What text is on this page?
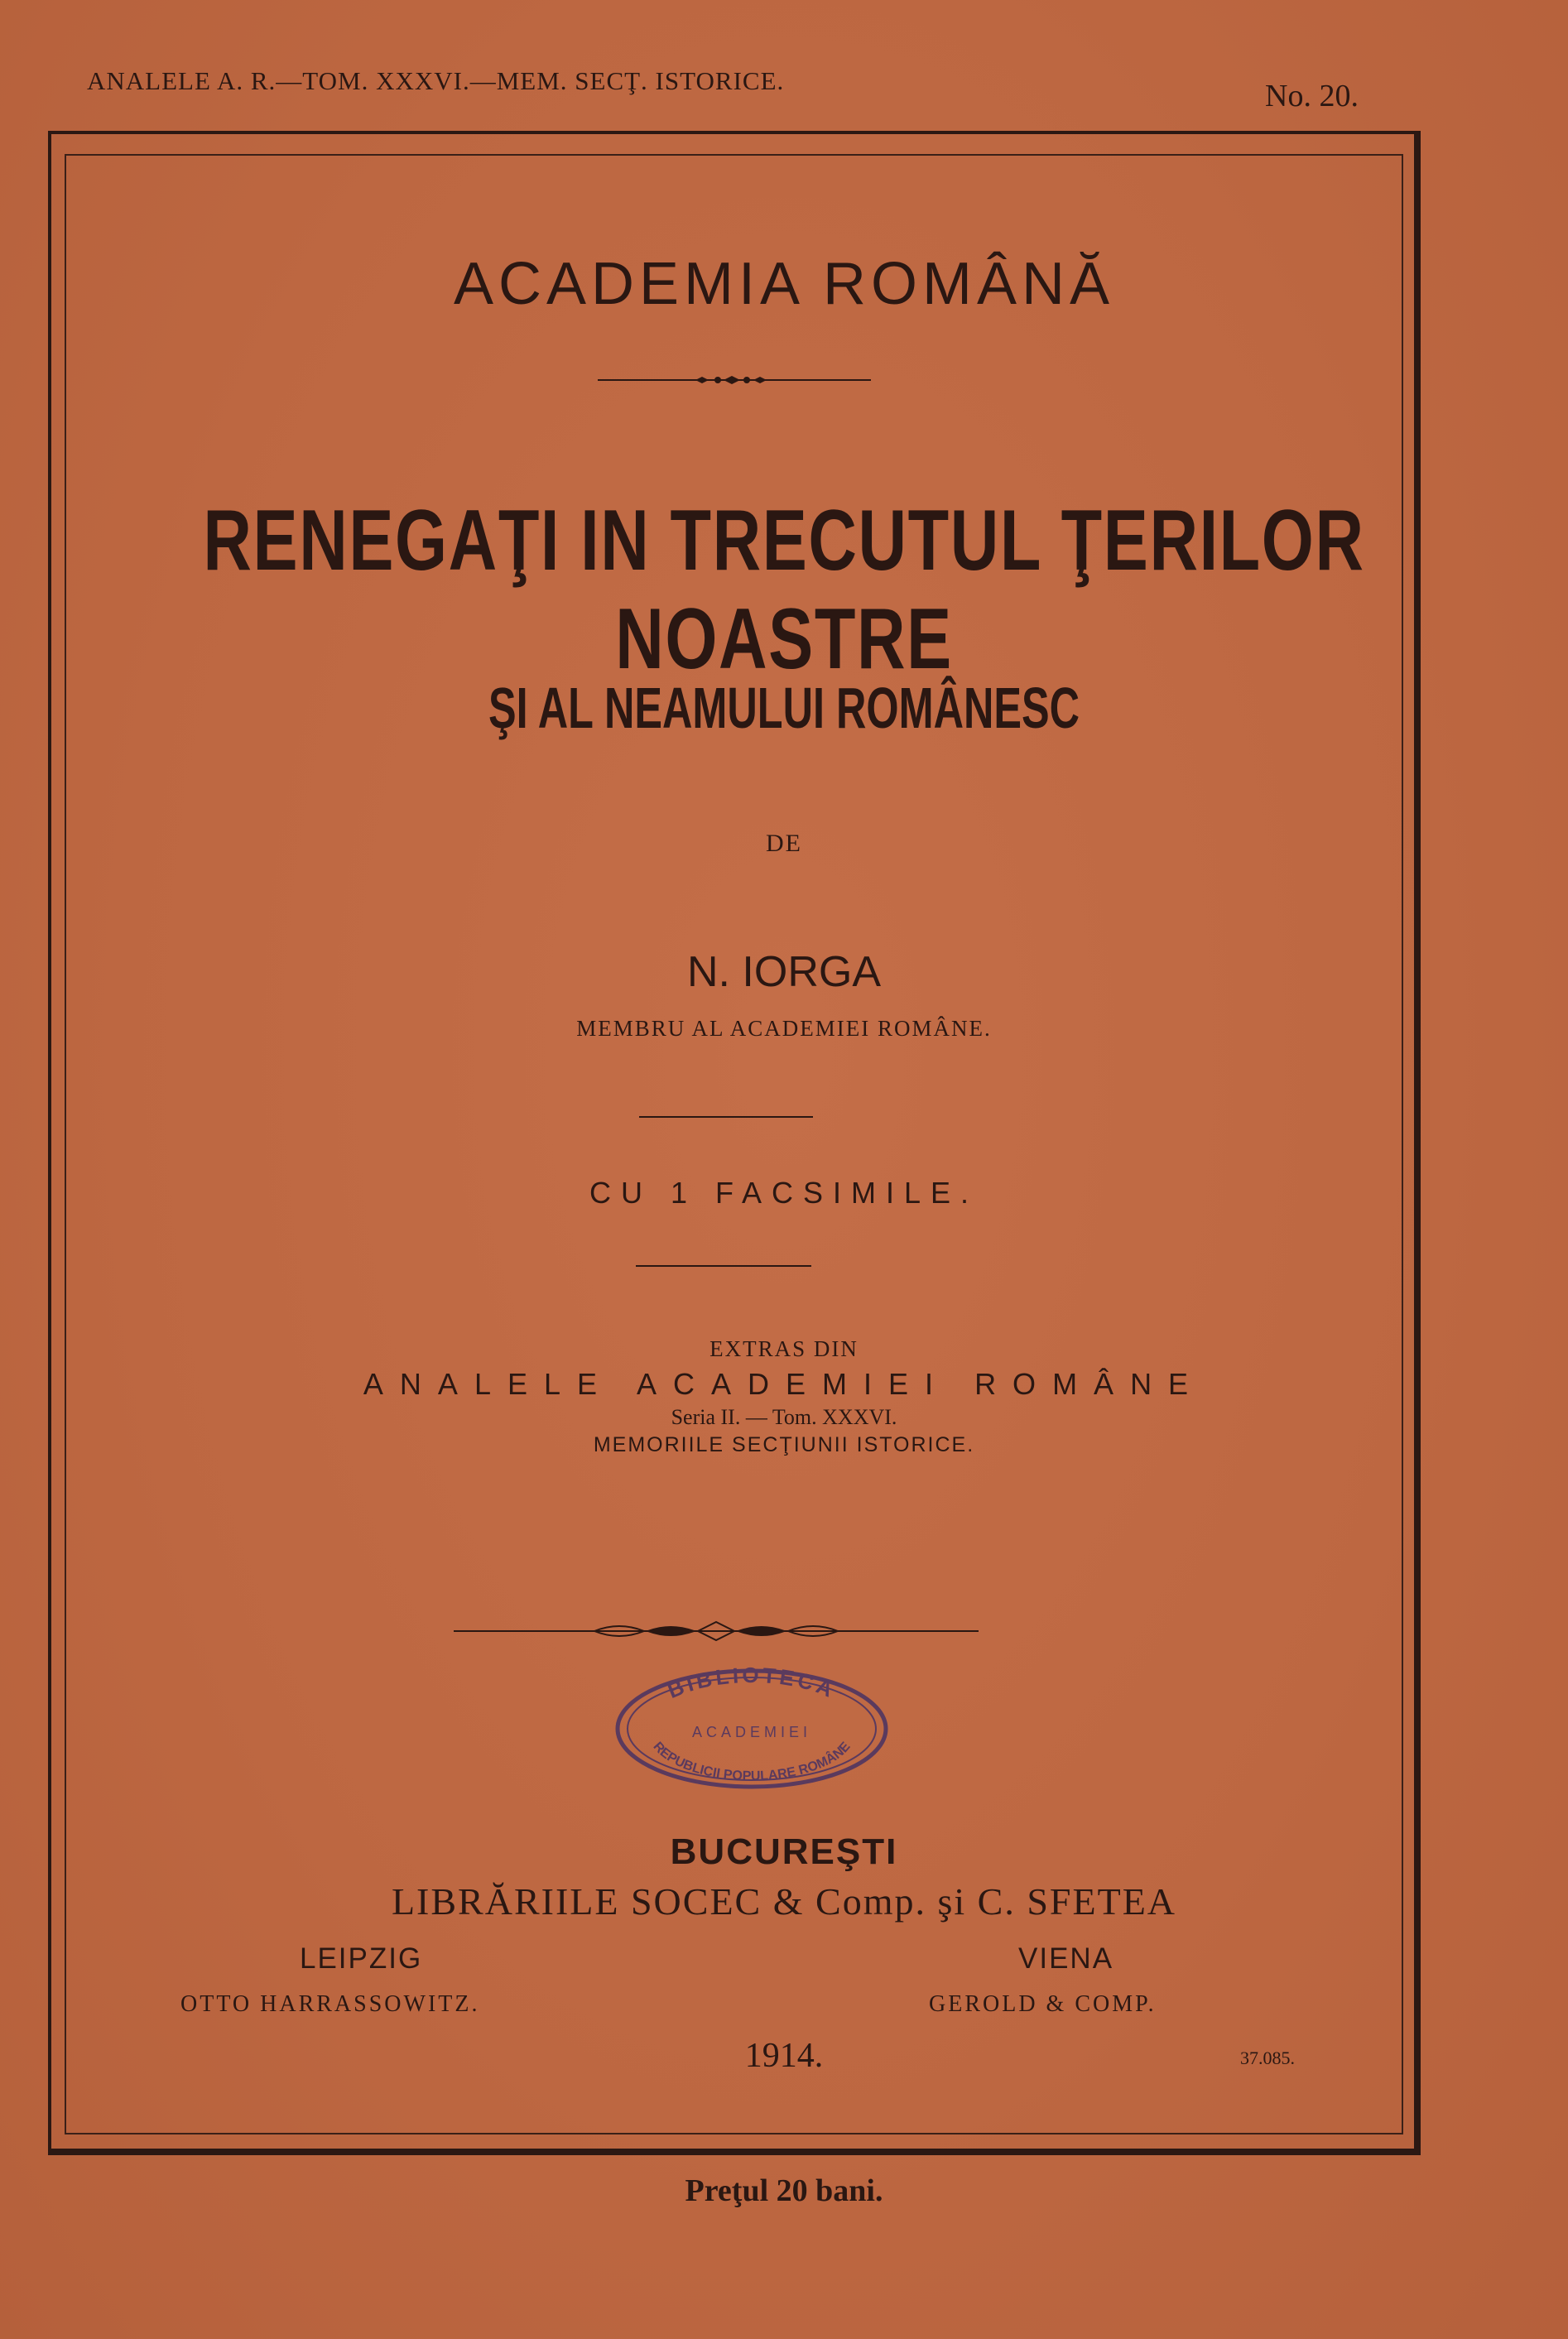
ANALELE A. R.—TOM. XXXVI.—MEM. SECŢ. ISTORICE.	No. 20.
ACADEMIA ROMÂNĂ
RENEGAŢI IN TRECUTUL ŢERILOR NOASTRE
ŞI AL NEAMULUI ROMÂNESC
DE
N. IORGA
MEMBRU AL ACADEMIEI ROMÂNE.
CU 1 FACSIMILE.
EXTRAS DIN
ANALELE ACADEMIEI ROMÂNE
Seria II. — Tom. XXXVI.
MEMORIILE SECŢIUNII ISTORICE.
BIBLIOTECA
ACADEMIEI
REPUBLICII POPULARE ROMÂNE
BUCUREŞTI
LIBRĂRIILE SOCEC & Comp. şi C. SFETEA
LEIPZIG	VIENA
OTTO HARRASSOWITZ.	GEROLD & COMP.
1914.	37.085.
Preţul 20 bani.
